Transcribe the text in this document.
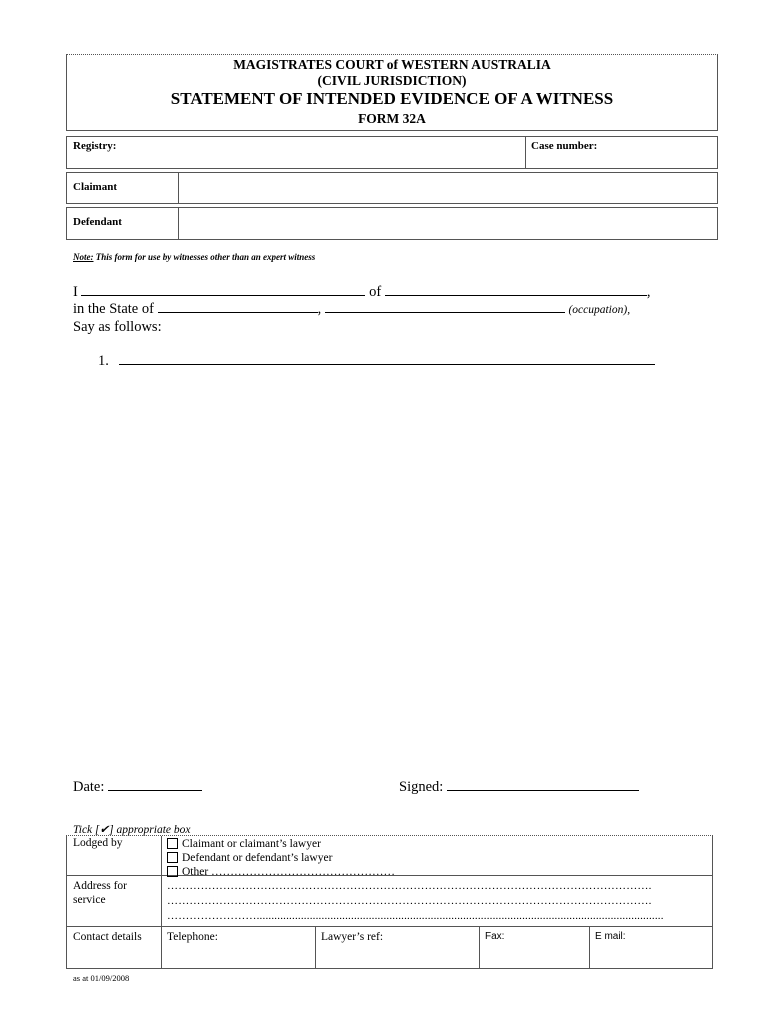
MAGISTRATES COURT of WESTERN AUSTRALIA
(CIVIL JURISDICTION)
STATEMENT OF INTENDED EVIDENCE OF A WITNESS
FORM 32A
Registry:	Case number:
Claimant
Defendant
Note: This form for use by witnesses other than an expert witness
I	of	,
in the State of	,	(occupation),
Say as follows:
1.
Date:	Signed:
Tick [✔] appropriate box
Lodged by	Claimant or claimant’s lawyer
Defendant or defendant’s lawyer
Other …………………………………………
Address for service
………………………………………………………………………………………………………………….
………………………………………………………………………………………………………………….
……………………..........................................................................................................................................
Contact details Telephone:	Lawyer’s ref:	Fax:	E mail:
as at 01/09/2008
